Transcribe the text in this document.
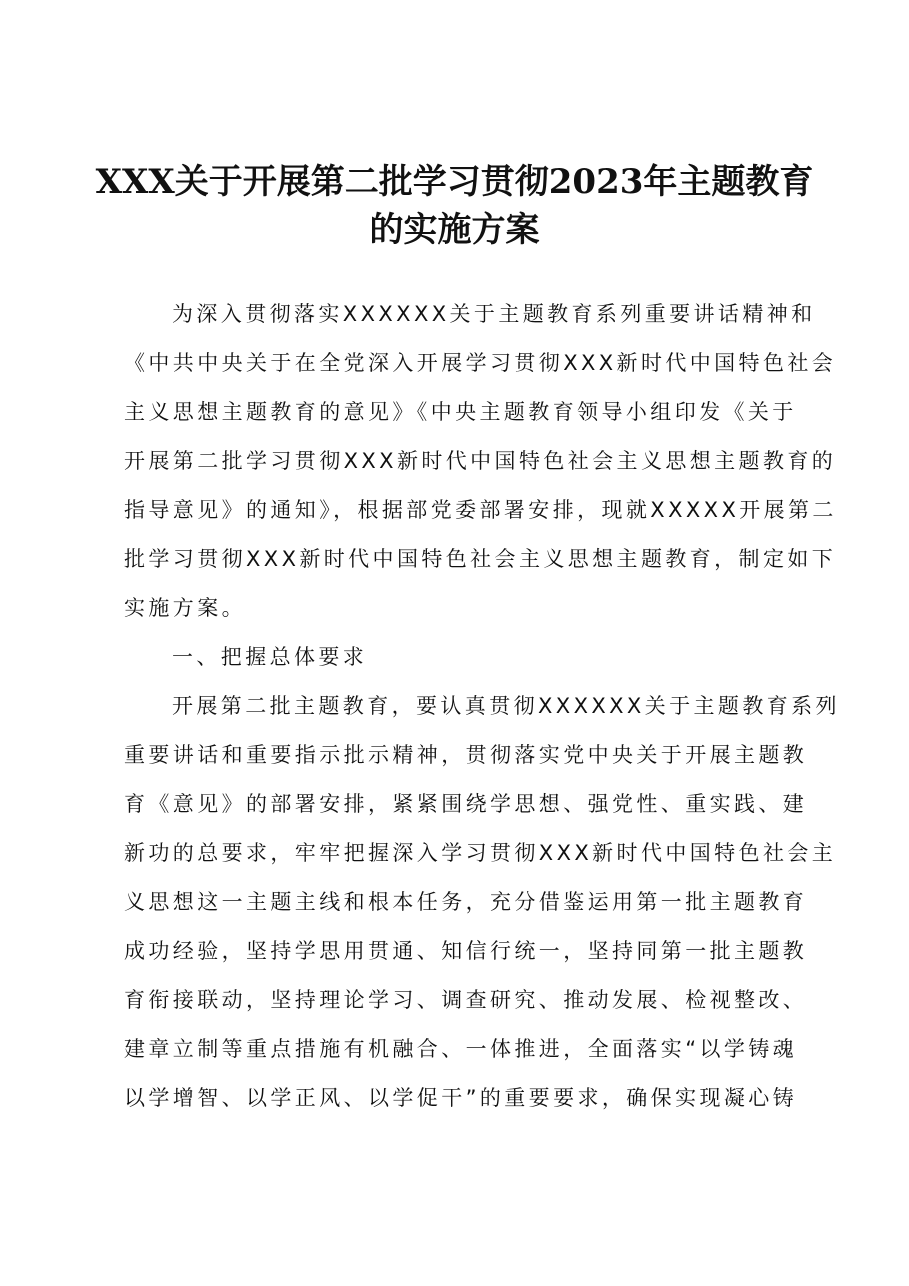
XXX关于开展第二批学习贯彻2023年主题教育
的实施方案
为深入贯彻落实XXXXXX关于主题教育系列重要讲话精神和
《中共中央关于在全党深入开展学习贯彻XXX新时代中国特色社会
主义思想主题教育的意见》《中央主题教育领导小组印发《关于
开展第二批学习贯彻XXX新时代中国特色社会主义思想主题教育的
指导意见》的通知》，根据部党委部署安排，现就XXXXX开展第二
批学习贯彻XXX新时代中国特色社会主义思想主题教育，制定如下
实施方案。
一、把握总体要求
开展第二批主题教育，要认真贯彻XXXXXX关于主题教育系列
重要讲话和重要指示批示精神，贯彻落实党中央关于开展主题教
育《意见》的部署安排，紧紧围绕学思想、强党性、重实践、建
新功的总要求，牢牢把握深入学习贯彻XXX新时代中国特色社会主
义思想这一主题主线和根本任务，充分借鉴运用第一批主题教育
成功经验，坚持学思用贯通、知信行统一，坚持同第一批主题教
育衔接联动，坚持理论学习、调查研究、推动发展、检视整改、
建章立制等重点措施有机融合、一体推进，全面落实“以学铸魂
以学增智、以学正风、以学促干”的重要要求，确保实现凝心铸
